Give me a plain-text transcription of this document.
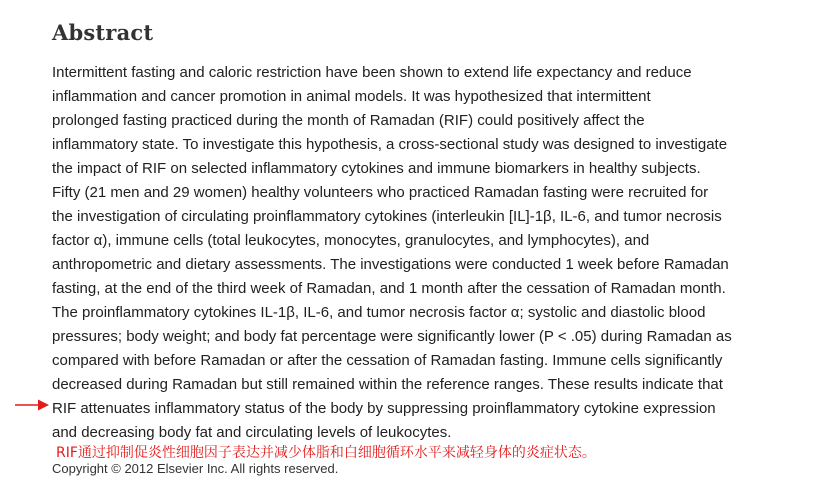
Abstract

Intermittent fasting and caloric restriction have been shown to extend life expectancy and reduce
inflammation and cancer promotion in animal models. It was hypothesized that intermittent
prolonged fasting practiced during the month of Ramadan (RIF) could positively affect the
inflammatory state. To investigate this hypothesis, a cross-sectional study was designed to investigate
the impact of RIF on selected inflammatory cytokines and immune biomarkers in healthy subjects.
Fifty (21 men and 29 women) healthy volunteers who practiced Ramadan fasting were recruited for
the investigation of circulating proinflammatory cytokines (interleukin [IL]-1β, IL-6, and tumor necrosis
factor α), immune cells (total leukocytes, monocytes, granulocytes, and lymphocytes), and
anthropometric and dietary assessments. The investigations were conducted 1 week before Ramadan
fasting, at the end of the third week of Ramadan, and 1 month after the cessation of Ramadan month.
The proinflammatory cytokines IL-1β, IL-6, and tumor necrosis factor α; systolic and diastolic blood
pressures; body weight; and body fat percentage were significantly lower (P < .05) during Ramadan as
compared with before Ramadan or after the cessation of Ramadan fasting. Immune cells significantly
decreased during Ramadan but still remained within the reference ranges. These results indicate that
RIF attenuates inflammatory status of the body by suppressing proinflammatory cytokine expression
and decreasing body fat and circulating levels of leukocytes.

RIF通过抑制促炎性细胞因子表达并减少体脂和白细胞循环水平来减轻身体的炎症状态。

Copyright © 2012 Elsevier Inc. All rights reserved.
